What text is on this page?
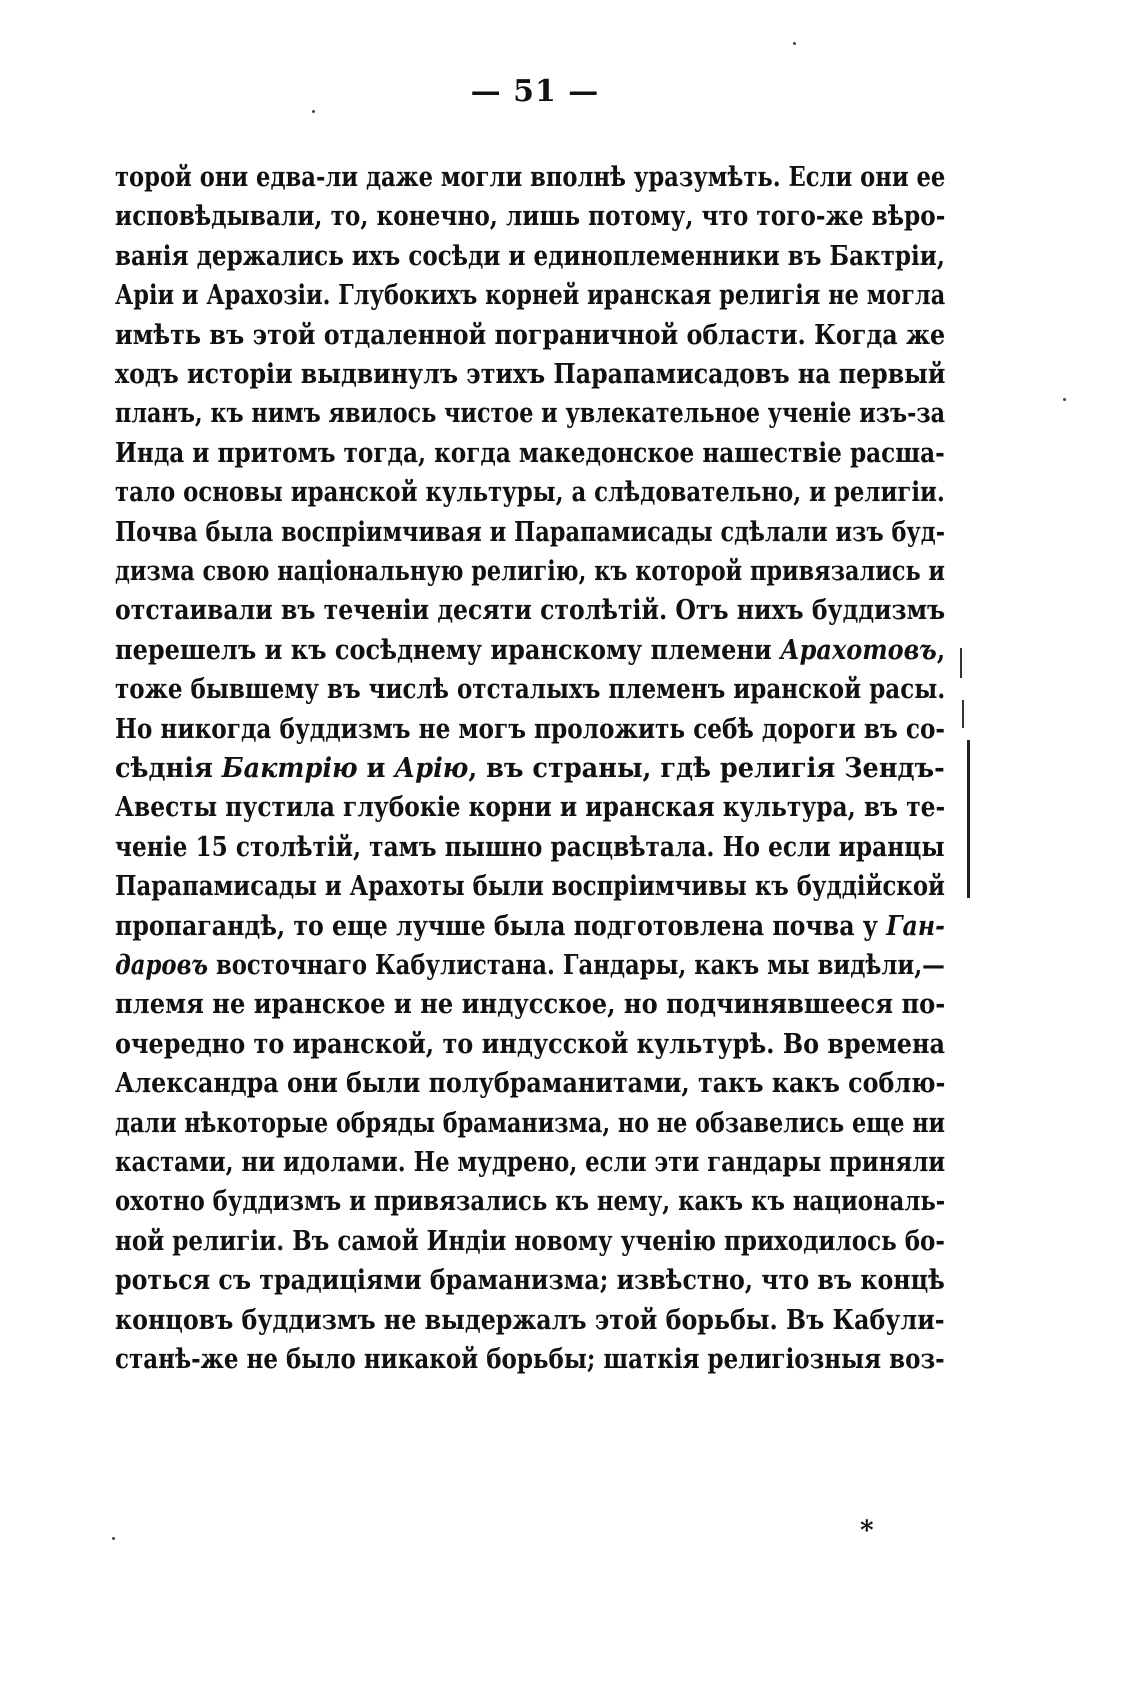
— 51 —
торой они едва-ли даже могли вполнѣ уразумѣть. Если они ее
исповѣдывали, то, конечно, лишь потому, что того-же вѣро-
ванія держались ихъ сосѣди и единоплеменники въ Бактріи,
Аріи и Арахозіи. Глубокихъ корней иранская религія не могла
имѣть въ этой отдаленной пограничной области. Когда же
ходъ исторіи выдвинулъ этихъ Парапамисадовъ на первый
планъ, къ нимъ явилось чистое и увлекательное ученіе изъ-за
Инда и притомъ тогда, когда македонское нашествіе расша-
тало основы иранской культуры, а слѣдовательно, и религіи.
Почва была воспріимчивая и Парапамисады сдѣлали изъ буд-
дизма свою національную религію, къ которой привязались и
отстаивали въ теченіи десяти столѣтій. Отъ нихъ буддизмъ
перешелъ и къ сосѣднему иранскому племени Арахотовъ,
тоже бывшему въ числѣ отсталыхъ племенъ иранской расы.
Но никогда буддизмъ не могъ проложить себѣ дороги въ со-
сѣднія Бактрію и Арію, въ страны, гдѣ религія Зендъ-
Авесты пустила глубокіе корни и иранская культура, въ те-
ченіе 15 столѣтій, тамъ пышно расцвѣтала. Но если иранцы
Парапамисады и Арахоты были воспріимчивы къ буддійской
пропагандѣ, то еще лучше была подготовлена почва у Ган-
даровъ восточнаго Кабулистана. Гандары, какъ мы видѣли,—
племя не иранское и не индусское, но подчинявшееся по-
очередно то иранской, то индусской культурѣ. Во времена
Александра они были полубраманитами, такъ какъ соблю-
дали нѣкоторые обряды браманизма, но не обзавелись еще ни
кастами, ни идолами. Не мудрено, если эти гандары приняли
охотно буддизмъ и привязались къ нему, какъ къ националь-
ной религіи. Въ самой Индіи новому ученію приходилось бо-
роться съ традиціями браманизма; извѣстно, что въ концѣ
концовъ буддизмъ не выдержалъ этой борьбы. Въ Кабули-
станѣ-же не было никакой борьбы; шаткія религіозныя воз-
*
